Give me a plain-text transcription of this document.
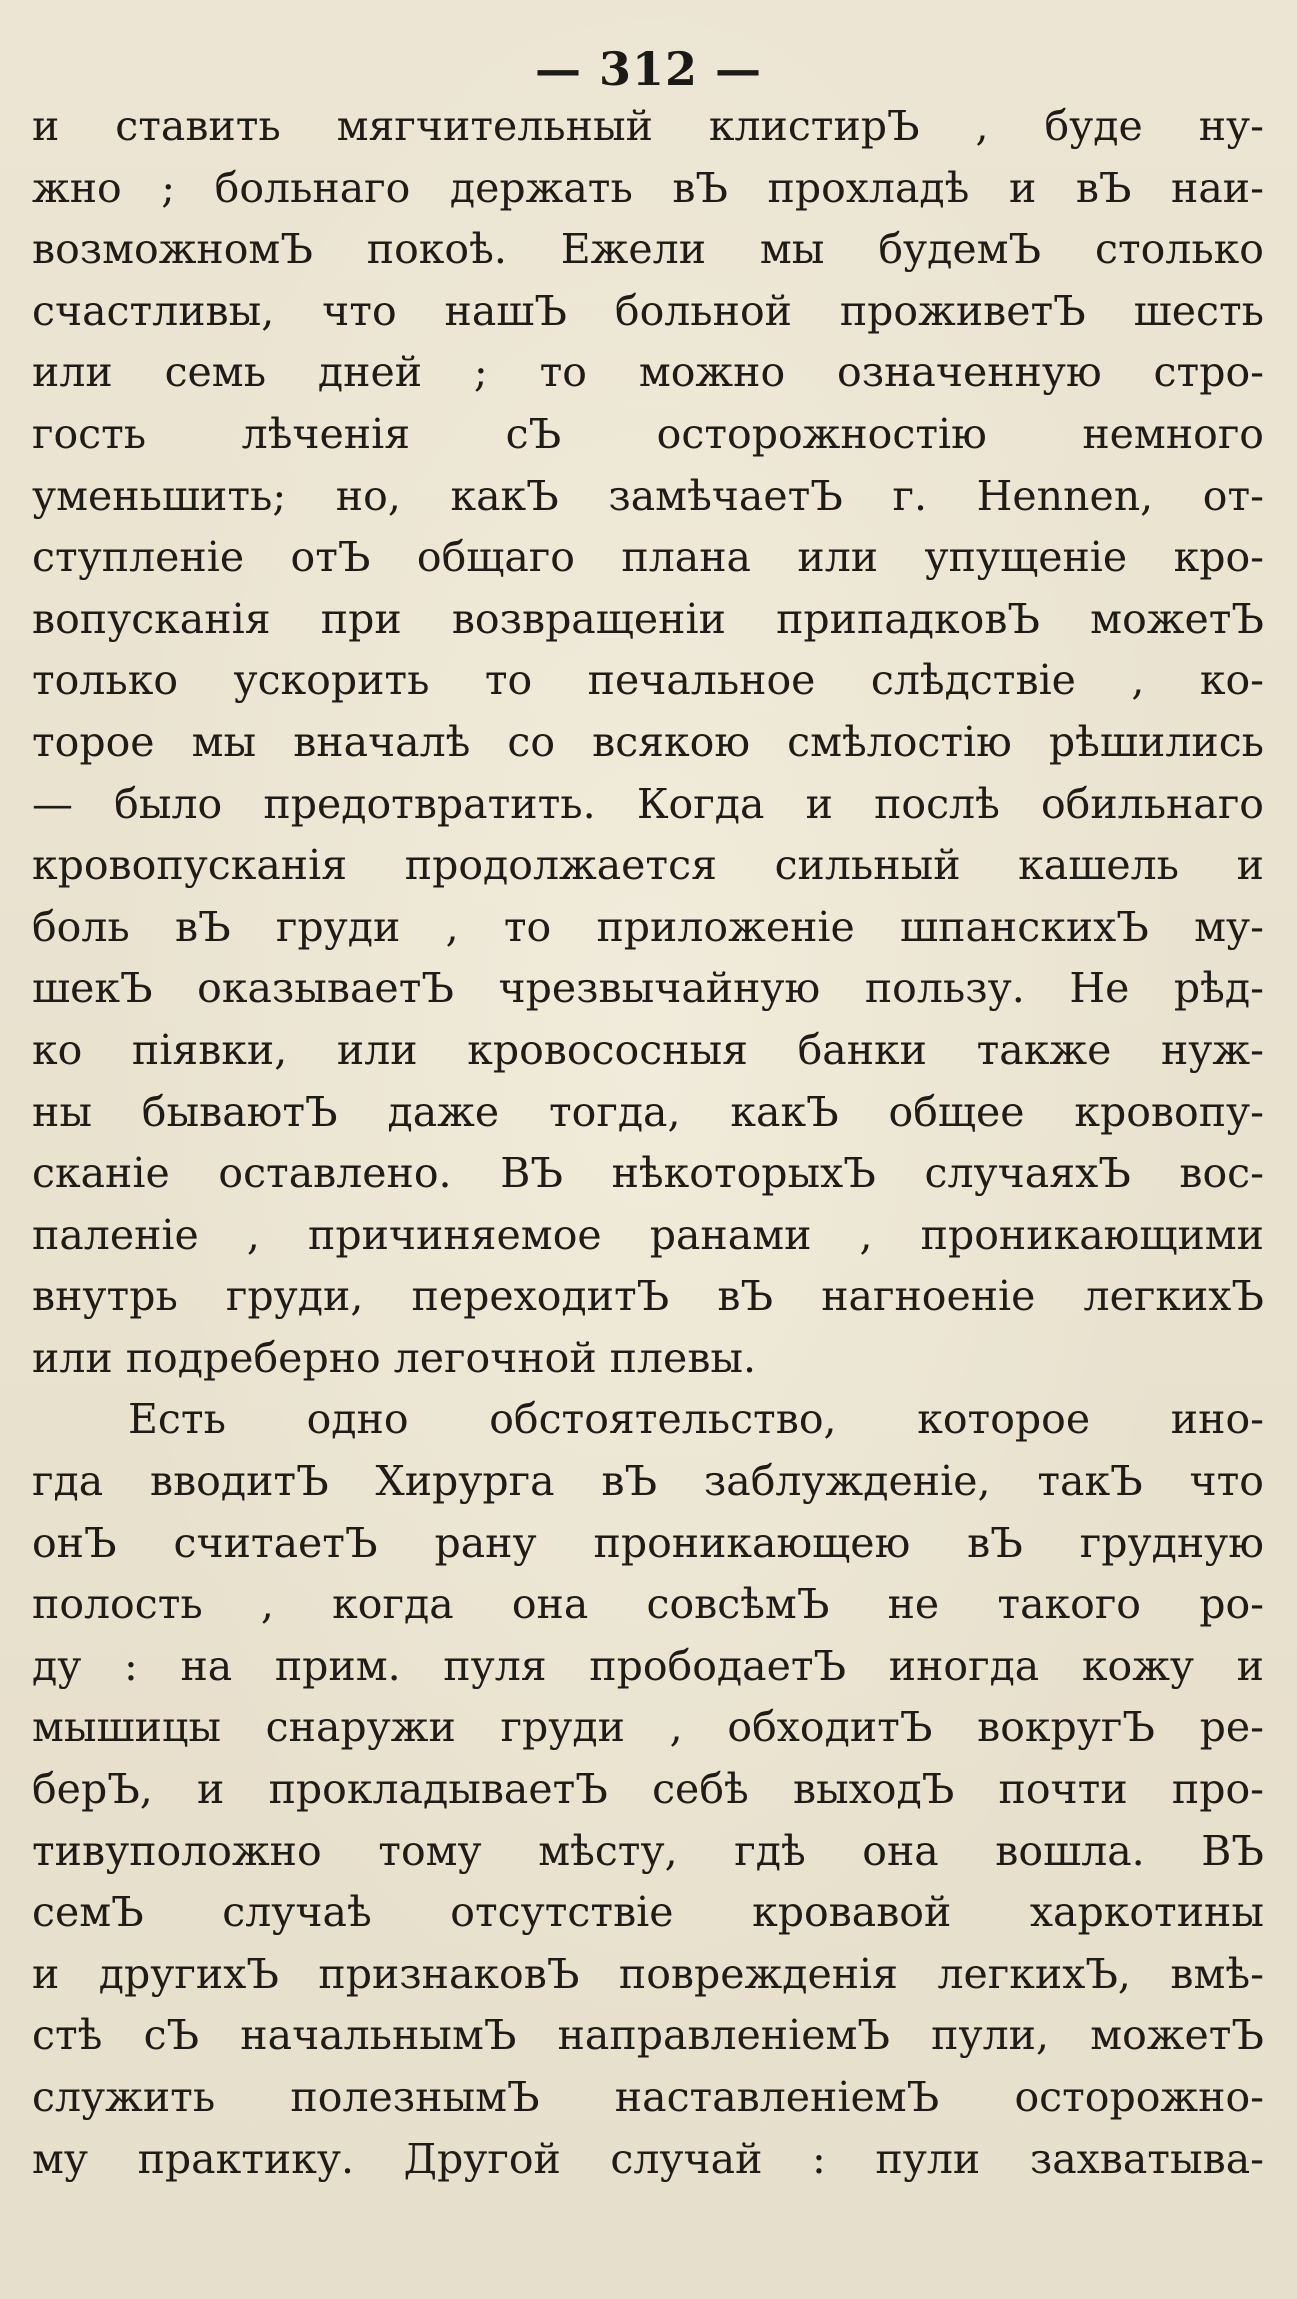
— 312 —
и ставить мягчительный клистирЪ , буде ну-
жно ; больнаго держать вЪ прохладѣ и вЪ наи-
возможномЪ покоѣ. Ежели мы будемЪ столько
счастливы, что нашЪ больной проживетЪ шесть
или семь дней ; то можно означенную стро-
гость лѣченія сЪ осторожностію немного
уменьшить; но, какЪ замѣчаетЪ г. Hennen, от-
ступленіе отЪ общаго плана или упущеніе кро-
вопусканія при возвращеніи припадковЪ можетЪ
только ускорить то печальное слѣдствіе , ко-
торое мы вначалѣ со всякою смѣлостію рѣшились
— было предотвратить. Когда и послѣ обильнаго
кровопусканія продолжается сильный кашель и
боль вЪ груди , то приложеніе шпанскихЪ му-
шекЪ оказываетЪ чрезвычайную пользу. Не рѣд-
ко піявки, или кровососныя банки также нуж-
ны бываютЪ даже тогда, какЪ общее кровопу-
сканіе оставлено. ВЪ нѣкоторыхЪ случаяхЪ вос-
паленіе , причиняемое ранами , проникающими
внутрь груди, переходитЪ вЪ нагноеніе легкихЪ
или подреберно легочной плевы.
Есть одно обстоятельство, которое ино-
гда вводитЪ Хирурга вЪ заблужденіе, такЪ что
онЪ считаетЪ рану проникающею вЪ грудную
полость , когда она совсѣмЪ не такого ро-
ду : на прим. пуля прободаетЪ иногда кожу и
мышицы снаружи груди , обходитЪ вокругЪ ре-
берЪ, и прокладываетЪ себѣ выходЪ почти про-
тивуположно тому мѣсту, гдѣ она вошла. ВЪ
семЪ случаѣ отсутствіе кровавой харкотины
и другихЪ признаковЪ поврежденія легкихЪ, вмѣ-
стѣ сЪ начальнымЪ направленіемЪ пули, можетЪ
служить полезнымЪ наставленіемЪ осторожно-
му практику. Другой случай : пули захватыва-
